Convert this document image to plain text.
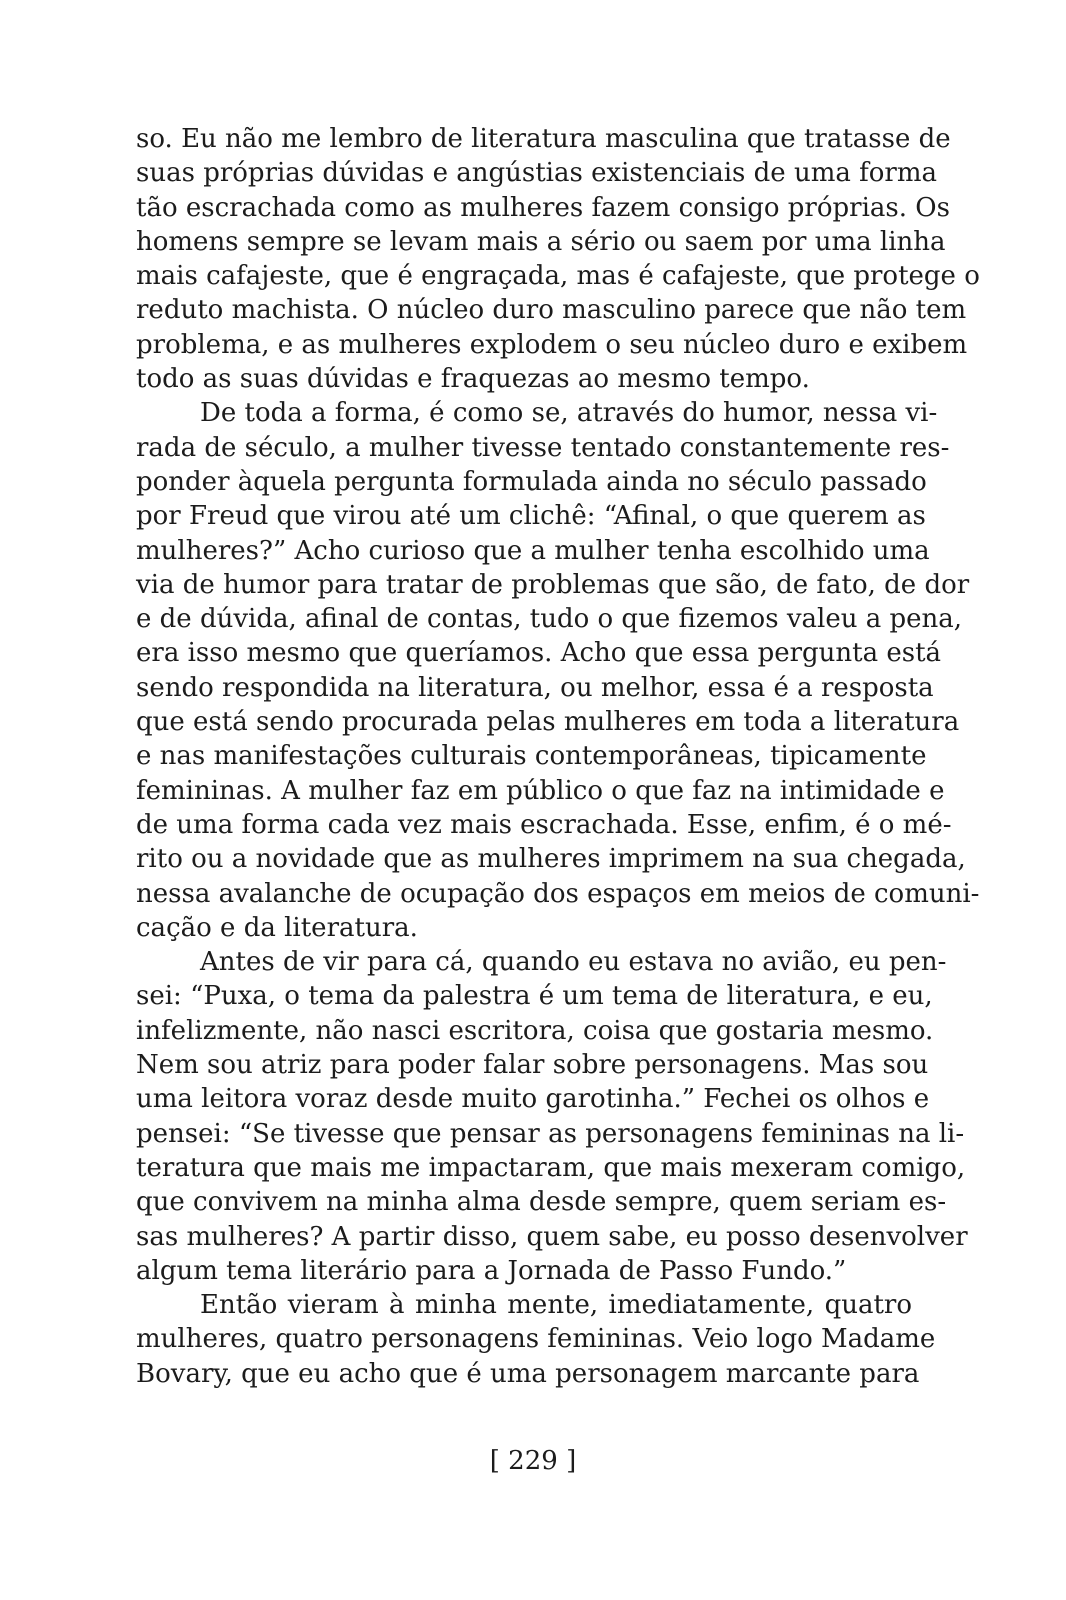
so. Eu não me lembro de literatura masculina que tratasse de
suas próprias dúvidas e angústias existenciais de uma forma
tão escrachada como as mulheres fazem consigo próprias. Os
homens sempre se levam mais a sério ou saem por uma linha
mais cafajeste, que é engraçada, mas é cafajeste, que protege o
reduto machista. O núcleo duro masculino parece que não tem
problema, e as mulheres explodem o seu núcleo duro e exibem
todo as suas dúvidas e fraquezas ao mesmo tempo.
De toda a forma, é como se, através do humor, nessa vi-
rada de século, a mulher tivesse tentado constantemente res-
ponder àquela pergunta formulada ainda no século passado
por Freud que virou até um clichê: “Afinal, o que querem as
mulheres?” Acho curioso que a mulher tenha escolhido uma
via de humor para tratar de problemas que são, de fato, de dor
e de dúvida, afinal de contas, tudo o que fizemos valeu a pena,
era isso mesmo que queríamos. Acho que essa pergunta está
sendo respondida na literatura, ou melhor, essa é a resposta
que está sendo procurada pelas mulheres em toda a literatura
e nas manifestações culturais contemporâneas, tipicamente
femininas. A mulher faz em público o que faz na intimidade e
de uma forma cada vez mais escrachada. Esse, enfim, é o mé-
rito ou a novidade que as mulheres imprimem na sua chegada,
nessa avalanche de ocupação dos espaços em meios de comuni-
cação e da literatura.
Antes de vir para cá, quando eu estava no avião, eu pen-
sei: “Puxa, o tema da palestra é um tema de literatura, e eu,
infelizmente, não nasci escritora, coisa que gostaria mesmo.
Nem sou atriz para poder falar sobre personagens. Mas sou
uma leitora voraz desde muito garotinha.” Fechei os olhos e
pensei: “Se tivesse que pensar as personagens femininas na li-
teratura que mais me impactaram, que mais mexeram comigo,
que convivem na minha alma desde sempre, quem seriam es-
sas mulheres? A partir disso, quem sabe, eu posso desenvolver
algum tema literário para a Jornada de Passo Fundo.”
Então vieram à minha mente, imediatamente, quatro
mulheres, quatro personagens femininas. Veio logo Madame
Bovary, que eu acho que é uma personagem marcante para
[ 229 ]
